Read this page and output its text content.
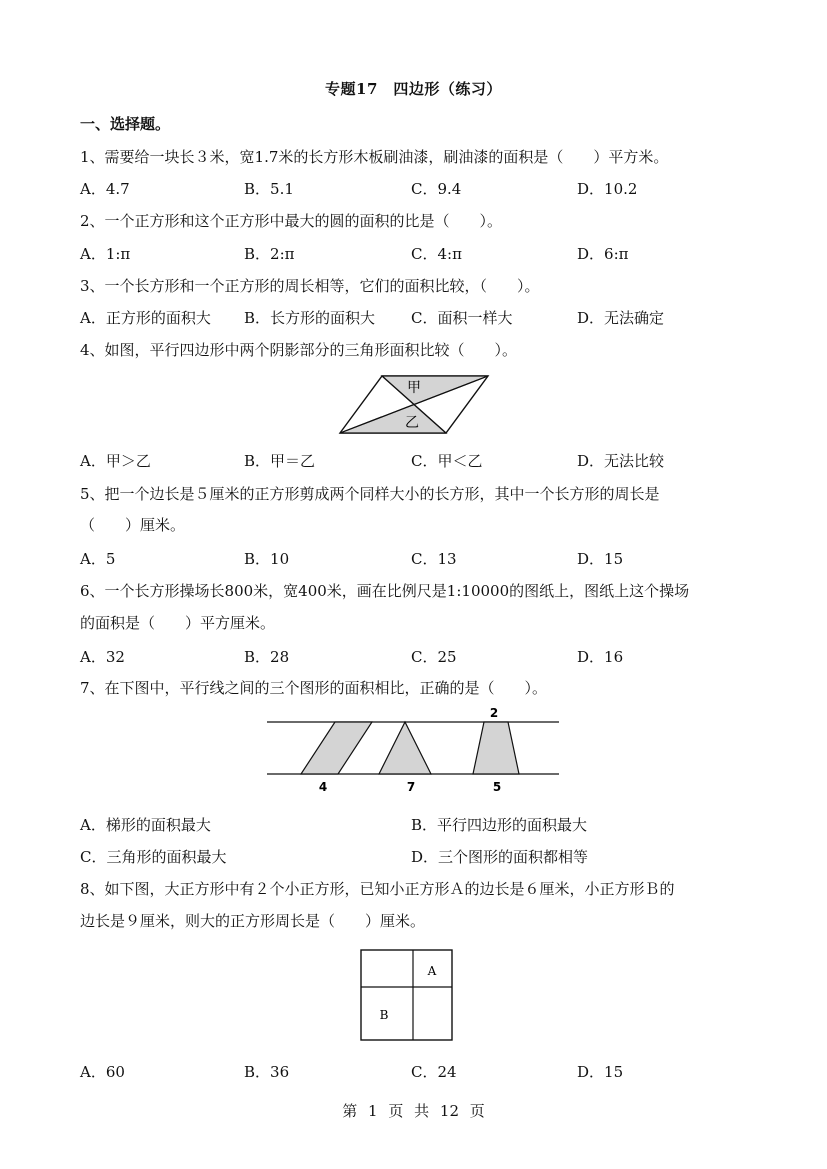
专题17　四边形（练习）
一、选择题。
1、需要给一块长３米，宽1.7米的长方形木板刷油漆，刷油漆的面积是（　　）平方米。
A．4.7	B．5.1	C．9.4	D．10.2
2、一个正方形和这个正方形中最大的圆的面积的比是（　　）。
A．1:π	B．2:π	C．4:π	D．6:π
3、一个长方形和一个正方形的周长相等，它们的面积比较，（　　）。
A．正方形的面积大 B．长方形的面积大 C．面积一样大	D．无法确定
4、如图，平行四边形中两个阴影部分的三角形面积比较（　　）。
甲
乙
A．甲＞乙	B．甲＝乙	C．甲＜乙	D．无法比较
5、把一个边长是５厘米的正方形剪成两个同样大小的长方形，其中一个长方形的周长是
（　　）厘米。
A．5	B．10	C．13	D．15
6、一个长方形操场长800米，宽400米，画在比例尺是1:10000的图纸上，图纸上这个操场
的面积是（　　）平方厘米。
A．32	B．28	C．25	D．16
7、在下图中，平行线之间的三个图形的面积相比，正确的是（　　）。
2
4	7	5
A．梯形的面积最大	B．平行四边形的面积最大
C．三角形的面积最大	D．三个图形的面积都相等
8、如下图，大正方形中有２个小正方形，已知小正方形Ａ的边长是６厘米，小正方形Ｂ的
边长是９厘米，则大的正方形周长是（　　）厘米。
A
B
A．60	B．36	C．24	D．15
第 1 页 共 12 页
